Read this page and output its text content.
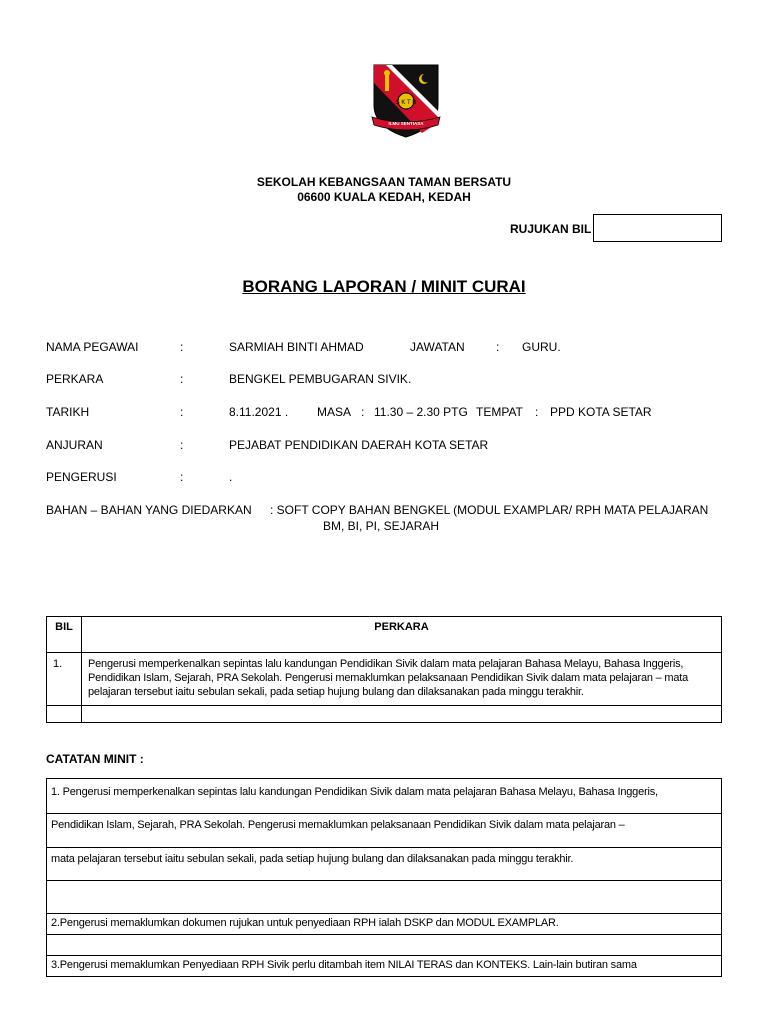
S K T B
ILMU SENTIASA
SEKOLAH KEBANGSAAN TAMAN BERSATU
06600 KUALA KEDAH, KEDAH
RUJUKAN BIL
BORANG LAPORAN / MINIT CURAI
NAMA PEGAWAI	:	SARMIAH BINTI AHMAD	JAWATAN	: GURU.
PERKARA	:	BENGKEL PEMBUGARAN SIVIK.
TARIKH	:	8.11.2021 . MASA : 11.30 – 2.30 PTG TEMPAT : PPD KOTA SETAR
ANJURAN	:	PEJABAT PENDIDIKAN DAERAH KOTA SETAR
PENGERUSI	:	.
BAHAN – BAHAN YANG DIEDARKAN : SOFT COPY BAHAN BENGKEL (MODUL EXAMPLAR/ RPH MATA PELAJARAN
BM, BI, PI, SEJARAH
BIL	PERKARA
1.	Pengerusi memperkenalkan sepintas lalu kandungan Pendidikan Sivik dalam mata pelajaran Bahasa Melayu, Bahasa Inggeris, Pendidikan Islam, Sejarah, PRA Sekolah. Pengerusi memaklumkan pelaksanaan Pendidikan Sivik dalam mata pelajaran – mata pelajaran tersebut iaitu sebulan sekali, pada setiap hujung bulang dan dilaksanakan pada minggu terakhir.

CATATAN MINIT :
1. Pengerusi memperkenalkan sepintas lalu kandungan Pendidikan Sivik dalam mata pelajaran Bahasa Melayu, Bahasa Inggeris,
Pendidikan Islam, Sejarah, PRA Sekolah. Pengerusi memaklumkan pelaksanaan Pendidikan Sivik dalam mata pelajaran –
mata pelajaran tersebut iaitu sebulan sekali, pada setiap hujung bulang dan dilaksanakan pada minggu terakhir.
2.Pengerusi memaklumkan dokumen rujukan untuk penyediaan RPH ialah DSKP dan MODUL EXAMPLAR.
3.Pengerusi memaklumkan Penyediaan RPH Sivik perlu ditambah item NILAI TERAS dan KONTEKS. Lain-lain butiran sama
